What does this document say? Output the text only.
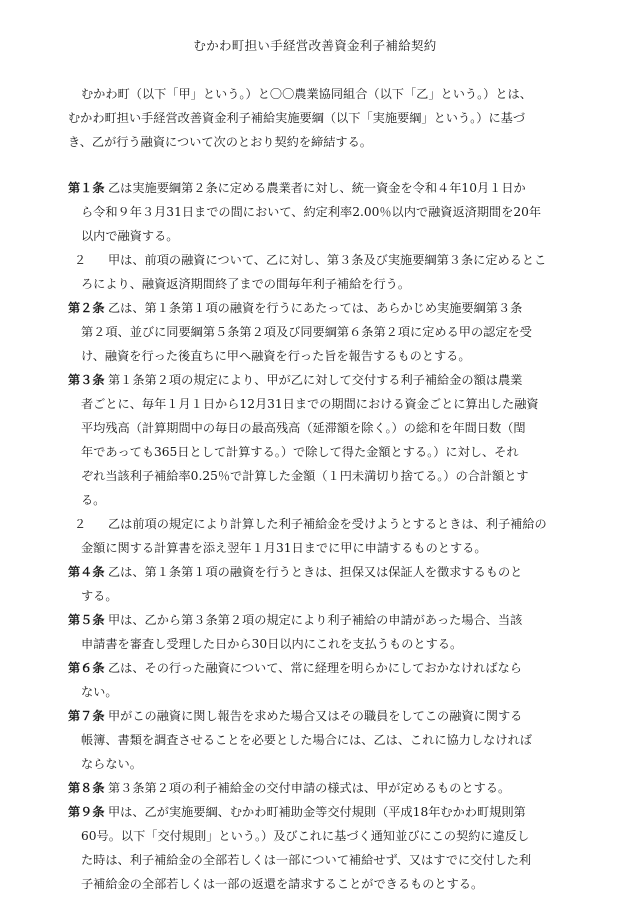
むかわ町担い手経営改善資金利子補給契約
むかわ町（以下「甲」という。）と〇〇農業協同組合（以下「乙」という。）とは、
むかわ町担い手経営改善資金利子補給実施要綱（以下「実施要綱」という。）に基づ
き、乙が行う融資について次のとおり契約を締結する。
第１条 乙は実施要綱第２条に定める農業者に対し、統一資金を令和４年10月１日か
ら令和９年３月31日までの間において、約定利率2.00％以内で融資返済期間を20年
以内で融資する。
２ 甲は、前項の融資について、乙に対し、第３条及び実施要綱第３条に定めるとこ
ろにより、融資返済期間終了までの間毎年利子補給を行う。
第２条 乙は、第１条第１項の融資を行うにあたっては、あらかじめ実施要綱第３条
第２項、並びに同要綱第５条第２項及び同要綱第６条第２項に定める甲の認定を受
け、融資を行った後直ちに甲へ融資を行った旨を報告するものとする。
第３条 第１条第２項の規定により、甲が乙に対して交付する利子補給金の額は農業
者ごとに、毎年１月１日から12月31日までの期間における資金ごとに算出した融資
平均残高（計算期間中の毎日の最高残高（延滞額を除く。）の総和を年間日数（閏
年であっても365日として計算する。）で除して得た金額とする。）に対し、それ
ぞれ当該利子補給率0.25％で計算した金額（１円未満切り捨てる。）の合計額とす
る。
２ 乙は前項の規定により計算した利子補給金を受けようとするときは、利子補給の
金額に関する計算書を添え翌年１月31日までに甲に申請するものとする。
第４条 乙は、第１条第１項の融資を行うときは、担保又は保証人を徴求するものと
する。
第５条 甲は、乙から第３条第２項の規定により利子補給の申請があった場合、当該
申請書を審査し受理した日から30日以内にこれを支払うものとする。
第６条 乙は、その行った融資について、常に経理を明らかにしておかなければなら
ない。
第７条 甲がこの融資に関し報告を求めた場合又はその職員をしてこの融資に関する
帳簿、書類を調査させることを必要とした場合には、乙は、これに協力しなければ
ならない。
第８条 第３条第２項の利子補給金の交付申請の様式は、甲が定めるものとする。
第９条 甲は、乙が実施要綱、むかわ町補助金等交付規則（平成18年むかわ町規則第
60号。以下「交付規則」という。）及びこれに基づく通知並びにこの契約に違反し
た時は、利子補給金の全部若しくは一部について補給せず、又はすでに交付した利
子補給金の全部若しくは一部の返還を請求することができるものとする。
